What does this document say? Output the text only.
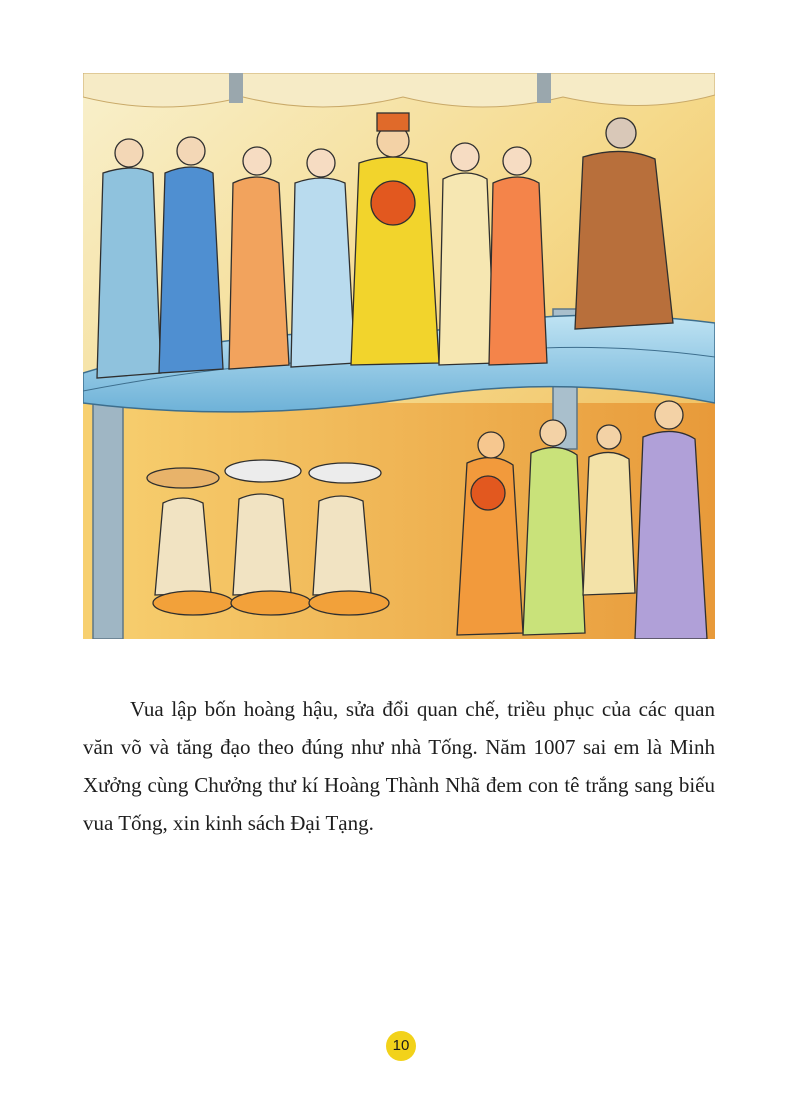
Vua lập bốn hoàng hậu, sửa đổi quan chế, triều phục của các quan văn võ và tăng đạo theo đúng như nhà Tống. Năm 1007 sai em là Minh Xưởng cùng Chưởng thư kí Hoàng Thành Nhã đem con tê trắng sang biếu vua Tống, xin kinh sách Đại Tạng.

10
